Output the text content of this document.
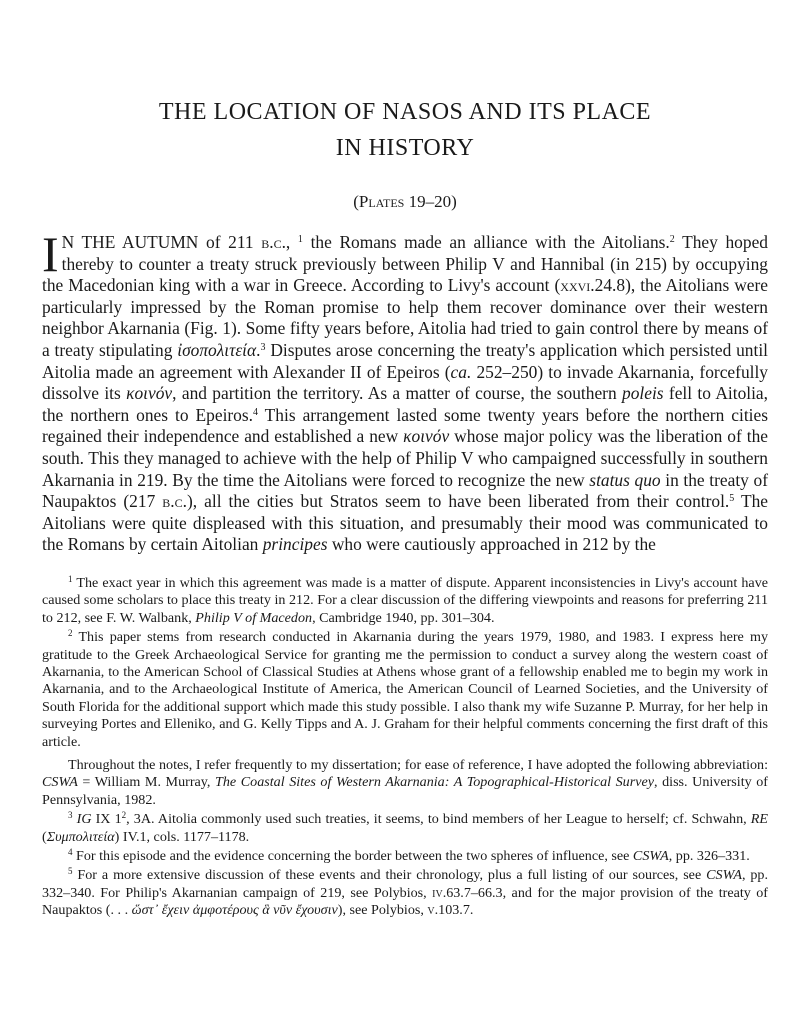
THE LOCATION OF NASOS AND ITS PLACE
IN HISTORY
(Plates 19–20)
I N THE AUTUMN of 211 b.c., $^1$ the Romans made an alliance with the Aitolians.$^2$ They hoped thereby to counter a treaty struck previously between Philip V and Hannibal (in 215) by occupying the Macedonian king with a war in Greece. According to Livy's account (xxvi.24.8), the Aitolians were particularly impressed by the Roman promise to help them recover dominance over their western neighbor Akarnania (Fig. 1). Some fifty years before, Aitolia had tried to gain control there by means of a treaty stipulating ἰσοπολιτεία.$^3$ Disputes arose concerning the treaty's application which persisted until Aitolia made an agreement with Alexander II of Epeiros (ca. 252–250) to invade Akarnania, forcefully dissolve its κοινόν, and partition the territory. As a matter of course, the southern poleis fell to Aitolia, the northern ones to Epeiros.$^4$ This arrangement lasted some twenty years before the northern cities regained their independence and established a new κοινόν whose major policy was the liberation of the south. This they managed to achieve with the help of Philip V who campaigned successfully in southern Akarnania in 219. By the time the Aitolians were forced to recognize the new status quo in the treaty of Naupaktos (217 b.c.), all the cities but Stratos seem to have been liberated from their control.$^5$ The Aitolians were quite displeased with this situation, and presumably their mood was communicated to the Romans by certain Aitolian principes who were cautiously approached in 212 by the

$^1$ The exact year in which this agreement was made is a matter of dispute. Apparent inconsistencies in Livy's account have caused some scholars to place this treaty in 212. For a clear discussion of the differing viewpoints and reasons for preferring 211 to 212, see F. W. Walbank, Philip V of Macedon, Cambridge 1940, pp. 301–304.

$^2$ This paper stems from research conducted in Akarnania during the years 1979, 1980, and 1983. I express here my gratitude to the Greek Archaeological Service for granting me the permission to conduct a survey along the western coast of Akarnania, to the American School of Classical Studies at Athens whose grant of a fellowship enabled me to begin my work in Akarnania, and to the Archaeological Institute of America, the American Council of Learned Societies, and the University of South Florida for the additional support which made this study possible. I also thank my wife Suzanne P. Murray, for her help in surveying Portes and Elleniko, and G. Kelly Tipps and A. J. Graham for their helpful comments concerning the first draft of this article.

Throughout the notes, I refer frequently to my dissertation; for ease of reference, I have adopted the following abbreviation: CSWA = William M. Murray, The Coastal Sites of Western Akarnania: A Topographical-Historical Survey, diss. University of Pennsylvania, 1982.

$^3$ IG IX $1^2$, 3A. Aitolia commonly used such treaties, it seems, to bind members of her League to herself; cf. Schwahn, RE (Συμπολιτεία) IV.1, cols. 1177–1178.

$^4$ For this episode and the evidence concerning the border between the two spheres of influence, see CSWA, pp. 326–331.

$^5$ For a more extensive discussion of these events and their chronology, plus a full listing of our sources, see CSWA, pp. 332–340. For Philip's Akarnanian campaign of 219, see Polybios, iv.63.7–66.3, and for the major provision of the treaty of Naupaktos (. . . ὥστ᾽ ἔχειν ἀμφοτέρους ἃ νῦν ἔχουσιν), see Polybios, v.103.7.
